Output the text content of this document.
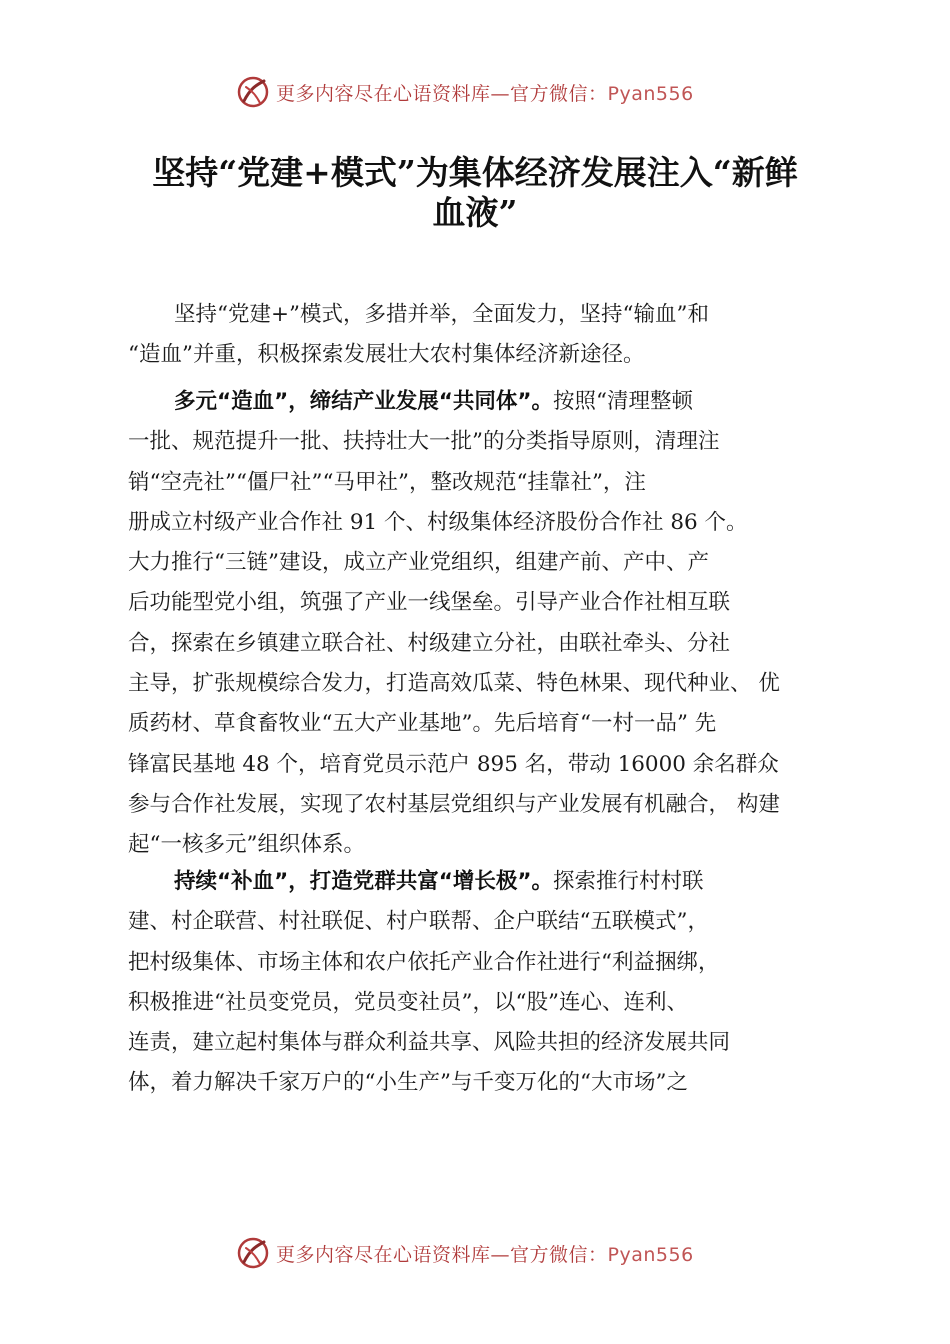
更多内容尽在心语资料库—官方微信：Pyan556
坚持“党建+模式”为集体经济发展注入“新鲜
血液”
坚持“党建+”模式，多措并举，全面发力，坚持“输血”和
“造血”并重，积极探索发展壮大农村集体经济新途径。
多元“造血”，缔结产业发展“共同体”。按照“清理整顿
一批、规范提升一批、扶持壮大一批”的分类指导原则，清理注
销“空壳社”“僵尸社”“马甲社”，整改规范“挂靠社”，注
册成立村级产业合作社 91 个、村级集体经济股份合作社 86 个。
大力推行“三链”建设，成立产业党组织，组建产前、产中、产
后功能型党小组，筑强了产业一线堡垒。引导产业合作社相互联
合，探索在乡镇建立联合社、村级建立分社，由联社牵头、分社
主导，扩张规模综合发力，打造高效瓜菜、特色林果、现代种业、 优
质药材、草食畜牧业“五大产业基地”。先后培育“一村一品” 先
锋富民基地 48 个，培育党员示范户 895 名，带动 16000 余名群众
参与合作社发展，实现了农村基层党组织与产业发展有机融合， 构建
起“一核多元”组织体系。
持续“补血”，打造党群共富“增长极”。探索推行村村联
建、村企联营、村社联促、村户联帮、企户联结“五联模式”，
把村级集体、市场主体和农户依托产业合作社进行“利益捆绑，
积极推进“社员变党员，党员变社员”，以“股”连心、连利、
连责，建立起村集体与群众利益共享、风险共担的经济发展共同
体，着力解决千家万户的“小生产”与千变万化的“大市场”之
更多内容尽在心语资料库—官方微信：Pyan556
